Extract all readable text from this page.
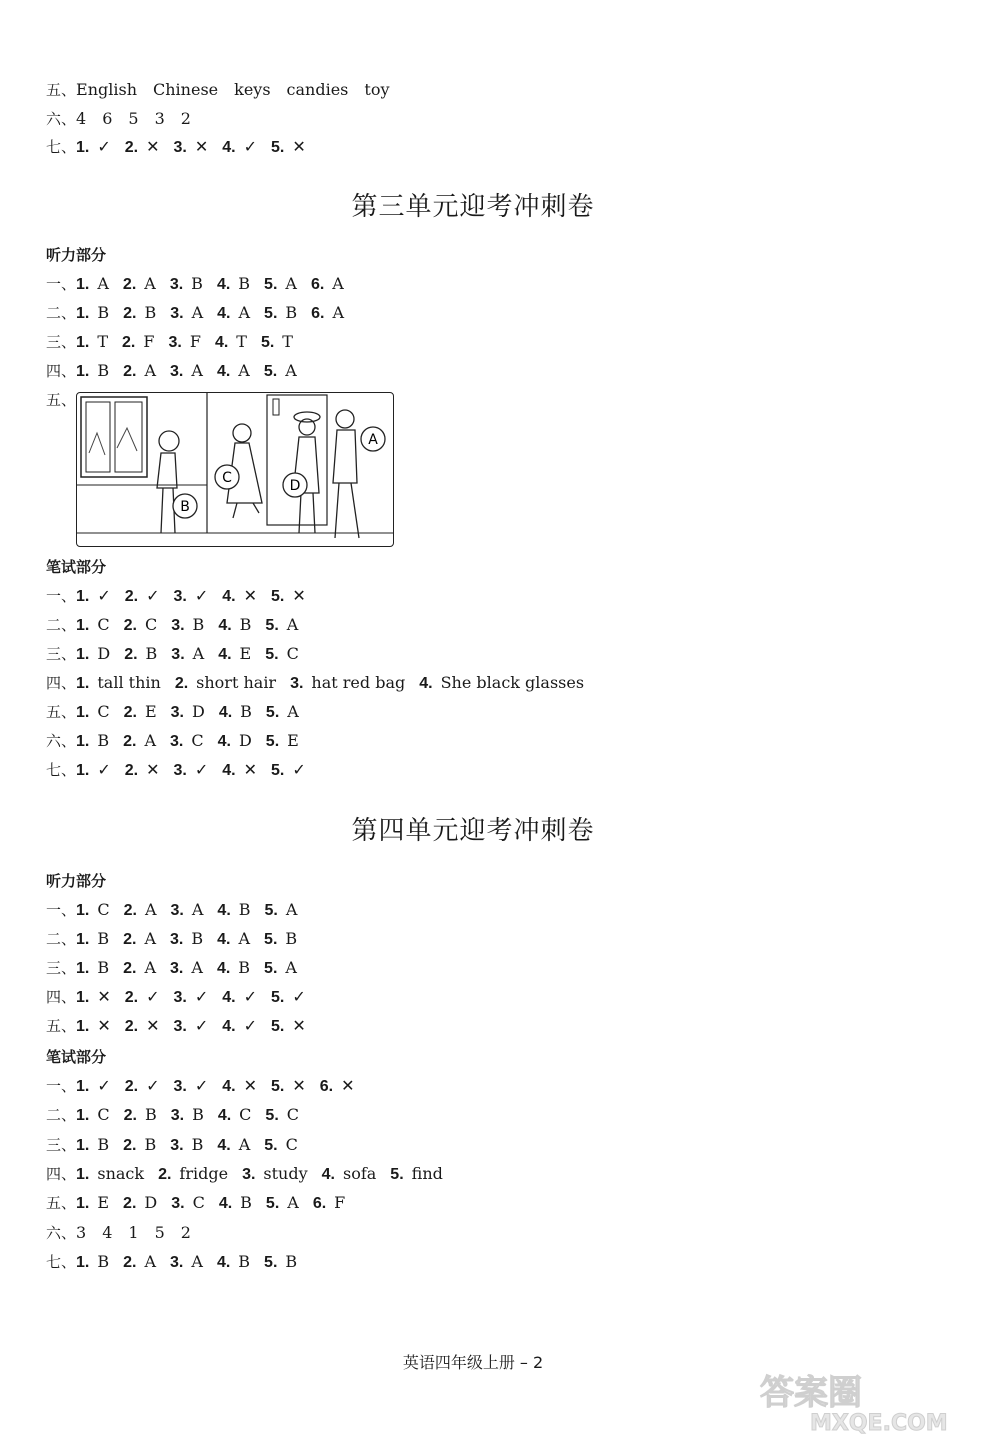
五、English Chinese keys candies toy
六、4 6 5 3 2
七、1. ✓ 2. ✕ 3. ✕ 4. ✓ 5. ✕
第三单元迎考冲刺卷
听力部分
一、1. A 2. A 3. B 4. B 5. A 6. A
二、1. B 2. B 3. A 4. A 5. B 6. A
三、1. T 2. F 3. F 4. T 5. T
四、1. B 2. A 3. A 4. A 5. A
五、
A
B
C	D
笔试部分
一、1. ✓ 2. ✓ 3. ✓ 4. ✕ 5. ✕
二、1. C 2. C 3. B 4. B 5. A
三、1. D 2. B 3. A 4. E 5. C
四、1. tall thin 2. short hair 3. hat red bag 4. She black glasses
五、1. C 2. E 3. D 4. B 5. A
六、1. B 2. A 3. C 4. D 5. E
七、1. ✓ 2. ✕ 3. ✓ 4. ✕ 5. ✓
第四单元迎考冲刺卷
听力部分
一、1. C 2. A 3. A 4. B 5. A
二、1. B 2. A 3. B 4. A 5. B
三、1. B 2. A 3. A 4. B 5. A
四、1. ✕ 2. ✓ 3. ✓ 4. ✓ 5. ✓
五、1. ✕ 2. ✕ 3. ✓ 4. ✓ 5. ✕
笔试部分
一、1. ✓ 2. ✓ 3. ✓ 4. ✕ 5. ✕ 6. ✕
二、1. C 2. B 3. B 4. C 5. C
三、1. B 2. B 3. B 4. A 5. C
四、1. snack 2. fridge 3. study 4. sofa 5. find
五、1. E 2. D 3. C 4. B 5. A 6. F
六、3 4 1 5 2
七、1. B 2. A 3. A 4. B 5. B
英语四年级上册 – 2
答案圈
MXQE.COM
